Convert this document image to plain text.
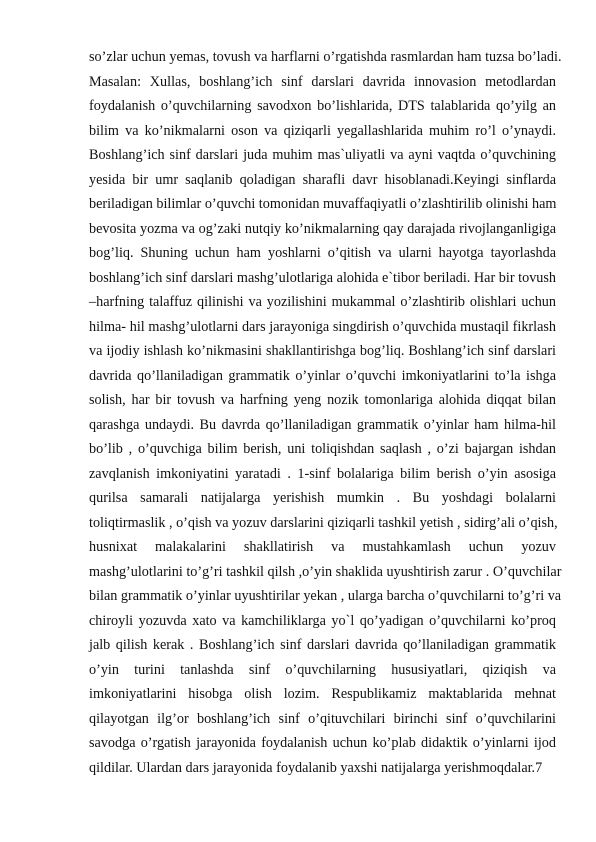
so’zlar uchun yemas, tovush va harflarni o’rgatishda rasmlardan ham tuzsa bo’ladi.
Masalan: Xullas, boshlang’ich sinf darslari davrida innovasion metodlardan
foydalanish o’quvchilarning savodxon bo’lishlarida, DTS talablarida qo’yilg an
bilim va ko’nikmalarni oson va qiziqarli yegallashlarida muhim ro’l o’ynaydi.
Boshlang’ich sinf darslari juda muhim mas`uliyatli va ayni vaqtda o’quvchining
yesida bir umr saqlanib qoladigan sharafli davr hisoblanadi.Keyingi sinflarda
beriladigan bilimlar o’quvchi tomonidan muvaffaqiyatli o’zlashtirilib olinishi ham
bevosita yozma va og’zaki nutqiy ko’nikmalarning qay darajada rivojlanganligiga
bog’liq. Shuning uchun ham yoshlarni o’qitish va ularni hayotga tayorlashda
boshlang’ich sinf darslari mashg’ulotlariga alohida e`tibor beriladi. Har bir tovush
–harfning talaffuz qilinishi va yozilishini mukammal o’zlashtirib olishlari uchun
hilma- hil mashg’ulotlarni dars jarayoniga singdirish o’quvchida mustaqil fikrlash
va ijodiy ishlash ko’nikmasini shakllantirishga bog’liq. Boshlang’ich sinf darslari
davrida qo’llaniladigan grammatik o’yinlar o’quvchi imkoniyatlarini to’la ishga
solish, har bir tovush va harfning yeng nozik tomonlariga alohida diqqat bilan
qarashga undaydi. Bu davrda qo’llaniladigan grammatik o’yinlar ham hilma-hil
bo’lib , o’quvchiga bilim berish, uni toliqishdan saqlash , o’zi bajargan ishdan
zavqlanish imkoniyatini yaratadi . 1-sinf bolalariga bilim berish o’yin asosiga
qurilsa samarali natijalarga yerishish mumkin . Bu yoshdagi bolalarni
toliqtirmaslik , o’qish va yozuv darslarini qiziqarli tashkil yetish , sidirg’ali o’qish,
husnixat malakalarini shakllatirish va mustahkamlash uchun yozuv
mashg’ulotlarini to’g’ri tashkil qilsh ,o’yin shaklida uyushtirish zarur . O’quvchilar
bilan grammatik o’yinlar uyushtirilar yekan , ularga barcha o’quvchilarni to’g’ri va
chiroyli yozuvda xato va kamchiliklarga yo`l qo’yadigan o’quvchilarni ko’proq
jalb qilish kerak . Boshlang’ich sinf darslari davrida qo’llaniladigan grammatik
o’yin turini tanlashda sinf o’quvchilarning hususiyatlari, qiziqish va
imkoniyatlarini hisobga olish lozim. Respublikamiz maktablarida mehnat
qilayotgan ilg’or boshlang’ich sinf o’qituvchilari birinchi sinf o’quvchilarini
savodga o’rgatish jarayonida foydalanish uchun ko’plab didaktik o’yinlarni ijod
qildilar. Ulardan dars jarayonida foydalanib yaxshi natijalarga yerishmoqdalar.7
